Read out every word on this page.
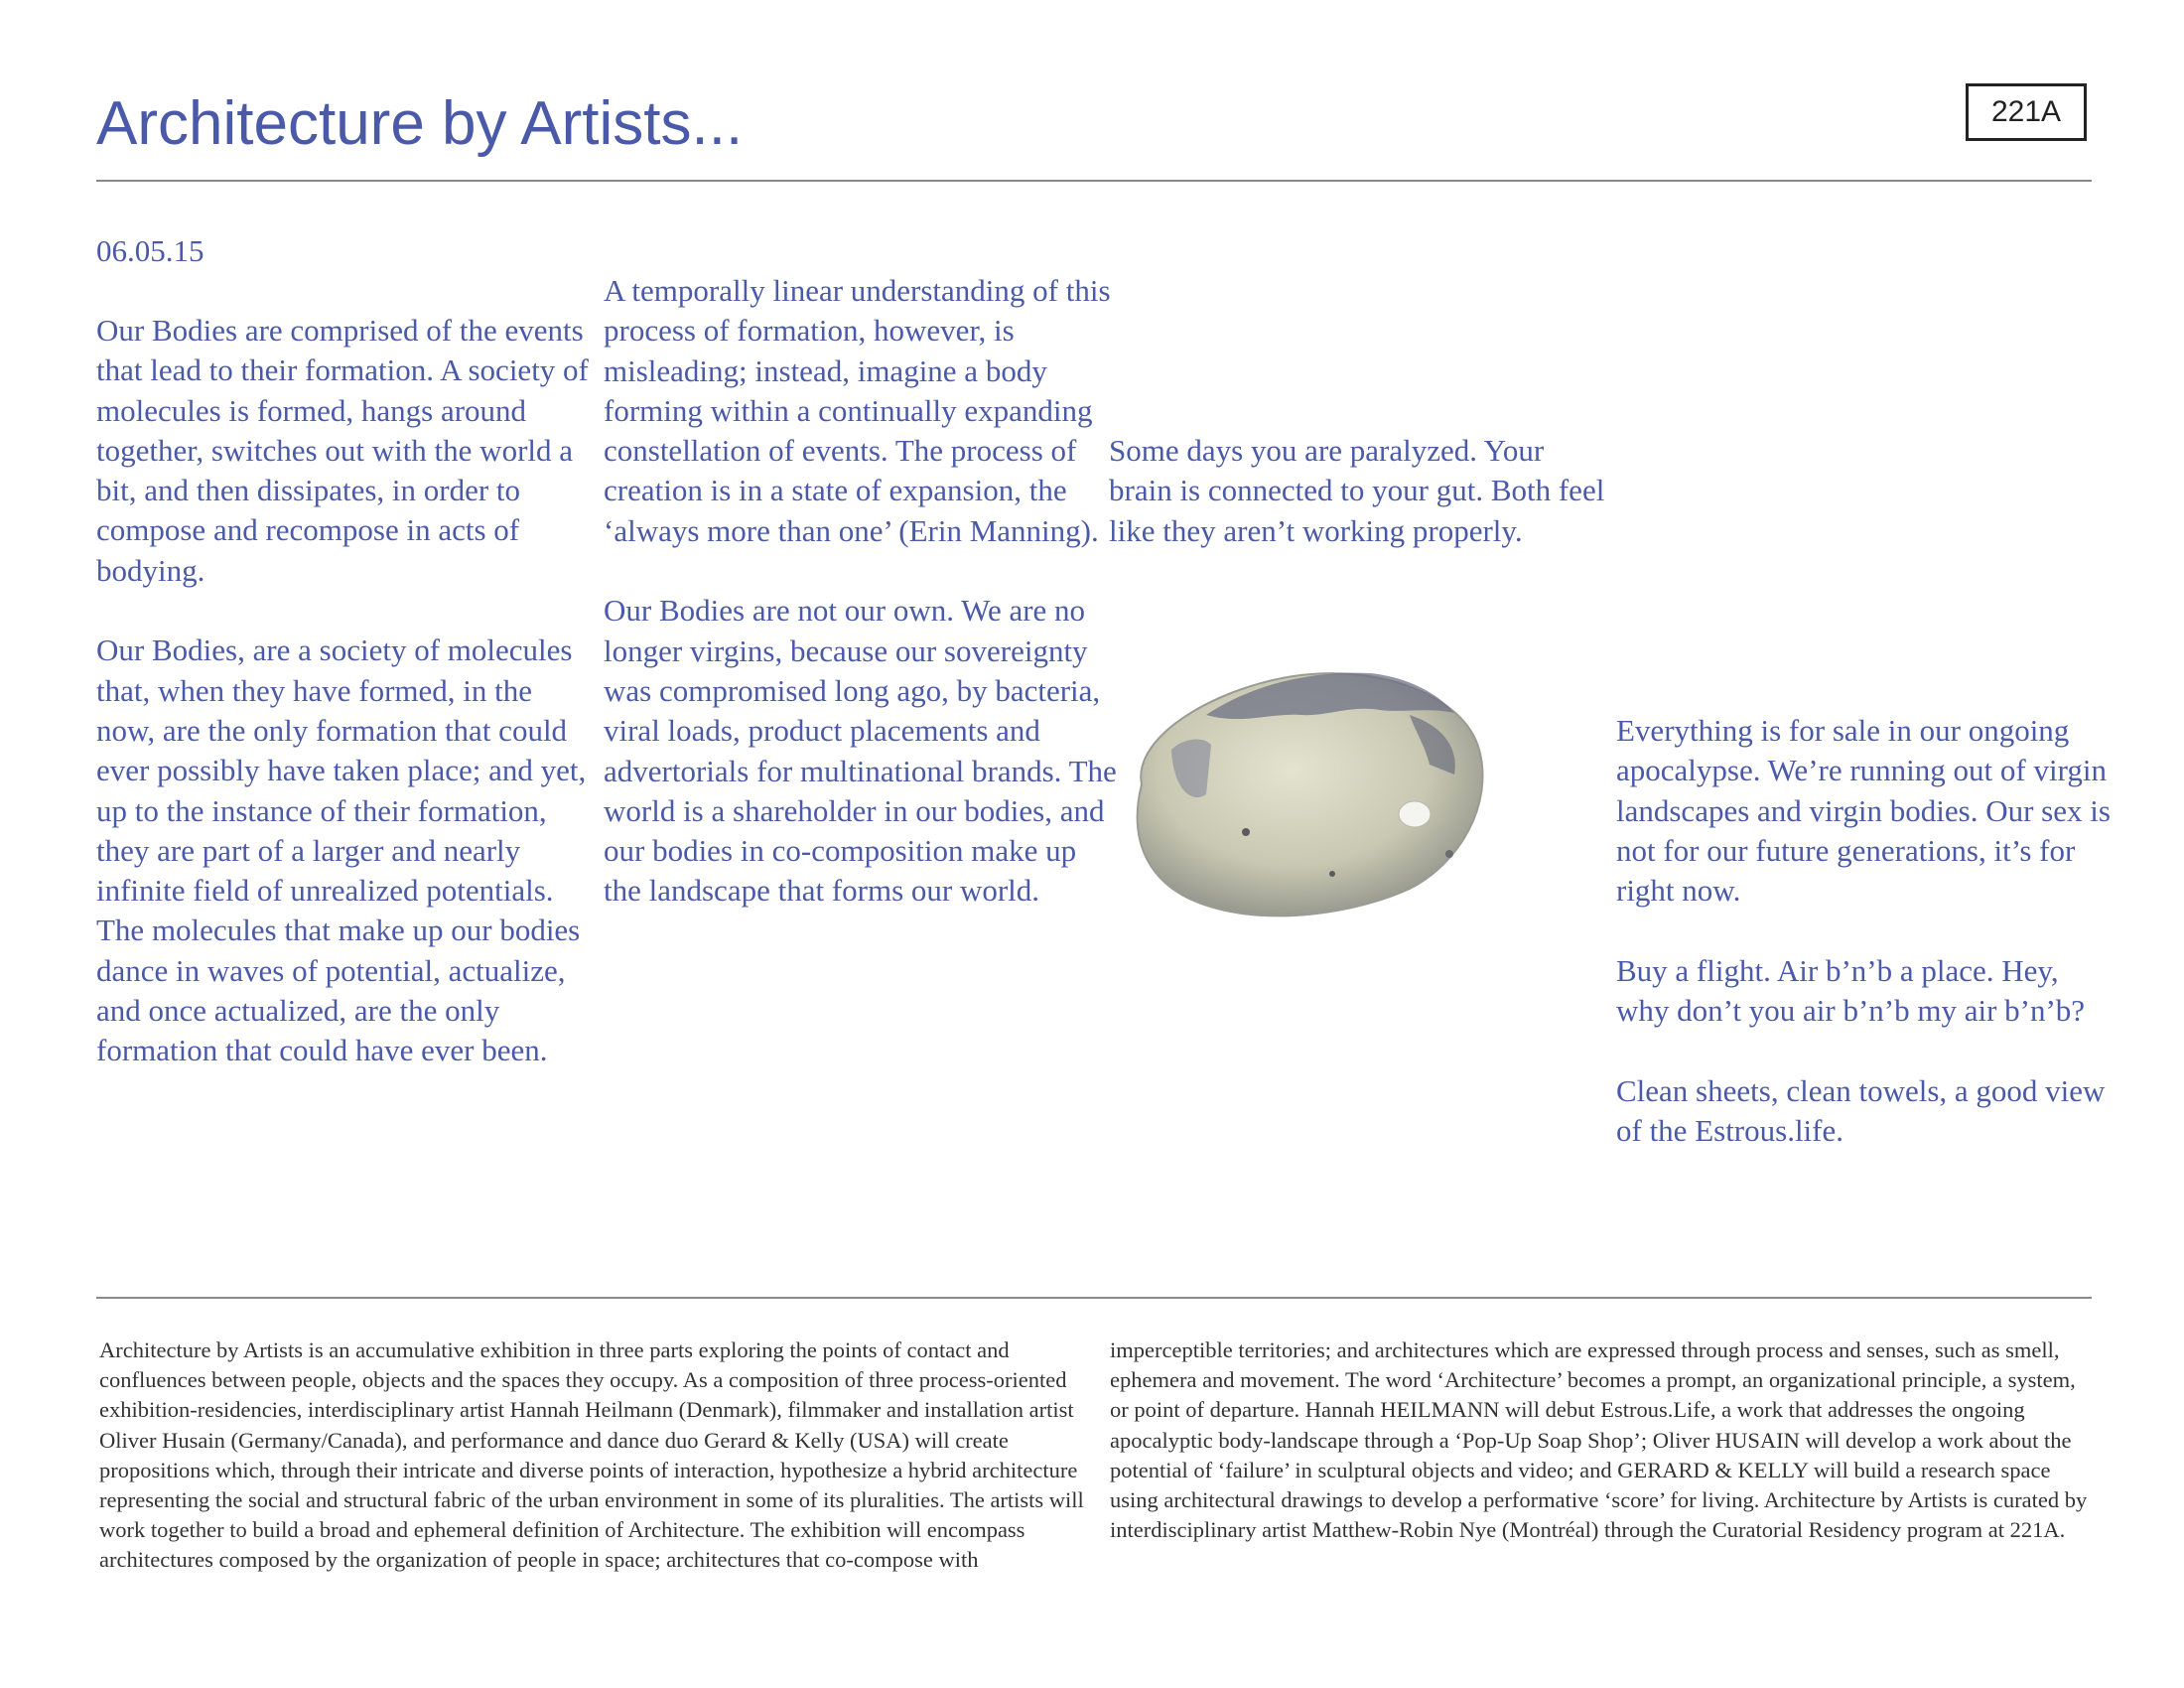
Architecture by Artists...	221A
06.05.15

Our Bodies are comprised of the events that lead to their formation. A society of molecules is formed, hangs around together, switches out with the world a bit, and then dissipates, in order to compose and recompose in acts of bodying.

Our Bodies, are a society of molecules that, when they have formed, in the now, are the only formation that could ever possibly have taken place; and yet, up to the instance of their formation, they are part of a larger and nearly infinite field of unrealized potentials. The molecules that make up our bodies dance in waves of potential, actualize, and once actualized, are the only formation that could have ever been.

A temporally linear understanding of this process of formation, however, is misleading; instead, imagine a body forming within a continually expanding constellation of events. The process of creation is in a state of expansion, the ‘always more than one’ (Erin Manning).

Our Bodies are not our own. We are no longer virgins, because our sovereignty was compromised long ago, by bacteria, viral loads, product placements and advertorials for multinational brands. The world is a shareholder in our bodies, and our bodies in co-composition make up the landscape that forms our world.

Some days you are paralyzed. Your brain is connected to your gut. Both feel like they aren’t working properly.

Everything is for sale in our ongoing apocalypse. We’re running out of virgin landscapes and virgin bodies. Our sex is not for our future generations, it’s for right now.

Buy a flight. Air b’n’b a place. Hey, why don’t you air b’n’b my air b’n’b?

Clean sheets, clean towels, a good view of the Estrous.life.

Architecture by Artists is an accumulative exhibition in three parts exploring the points of contact and confluences between people, objects and the spaces they occupy. As a composition of three process-oriented exhibition-residencies, interdisciplinary artist Hannah Heilmann (Denmark), filmmaker and installation artist Oliver Husain (Germany/Canada), and performance and dance duo Gerard & Kelly (USA) will create propositions which, through their intricate and diverse points of interaction, hypothesize a hybrid architecture representing the social and structural fabric of the urban environment in some of its pluralities. The artists will work together to build a broad and ephemeral definition of Architecture. The exhibition will encompass architectures composed by the organization of people in space; architectures that co-compose with
imperceptible territories; and architectures which are expressed through process and senses, such as smell, ephemera and movement. The word ‘Architecture’ becomes a prompt, an organizational principle, a system, or point of departure. Hannah HEILMANN will debut Estrous.Life, a work that addresses the ongoing apocalyptic body-landscape through a ‘Pop-Up Soap Shop’; Oliver HUSAIN will develop a work about the potential of ‘failure’ in sculptural objects and video; and GERARD & KELLY will build a research space using architectural drawings to develop a performative ‘score’ for living. Architecture by Artists is curated by interdisciplinary artist Matthew-Robin Nye (Montréal) through the Curatorial Residency program at 221A.
